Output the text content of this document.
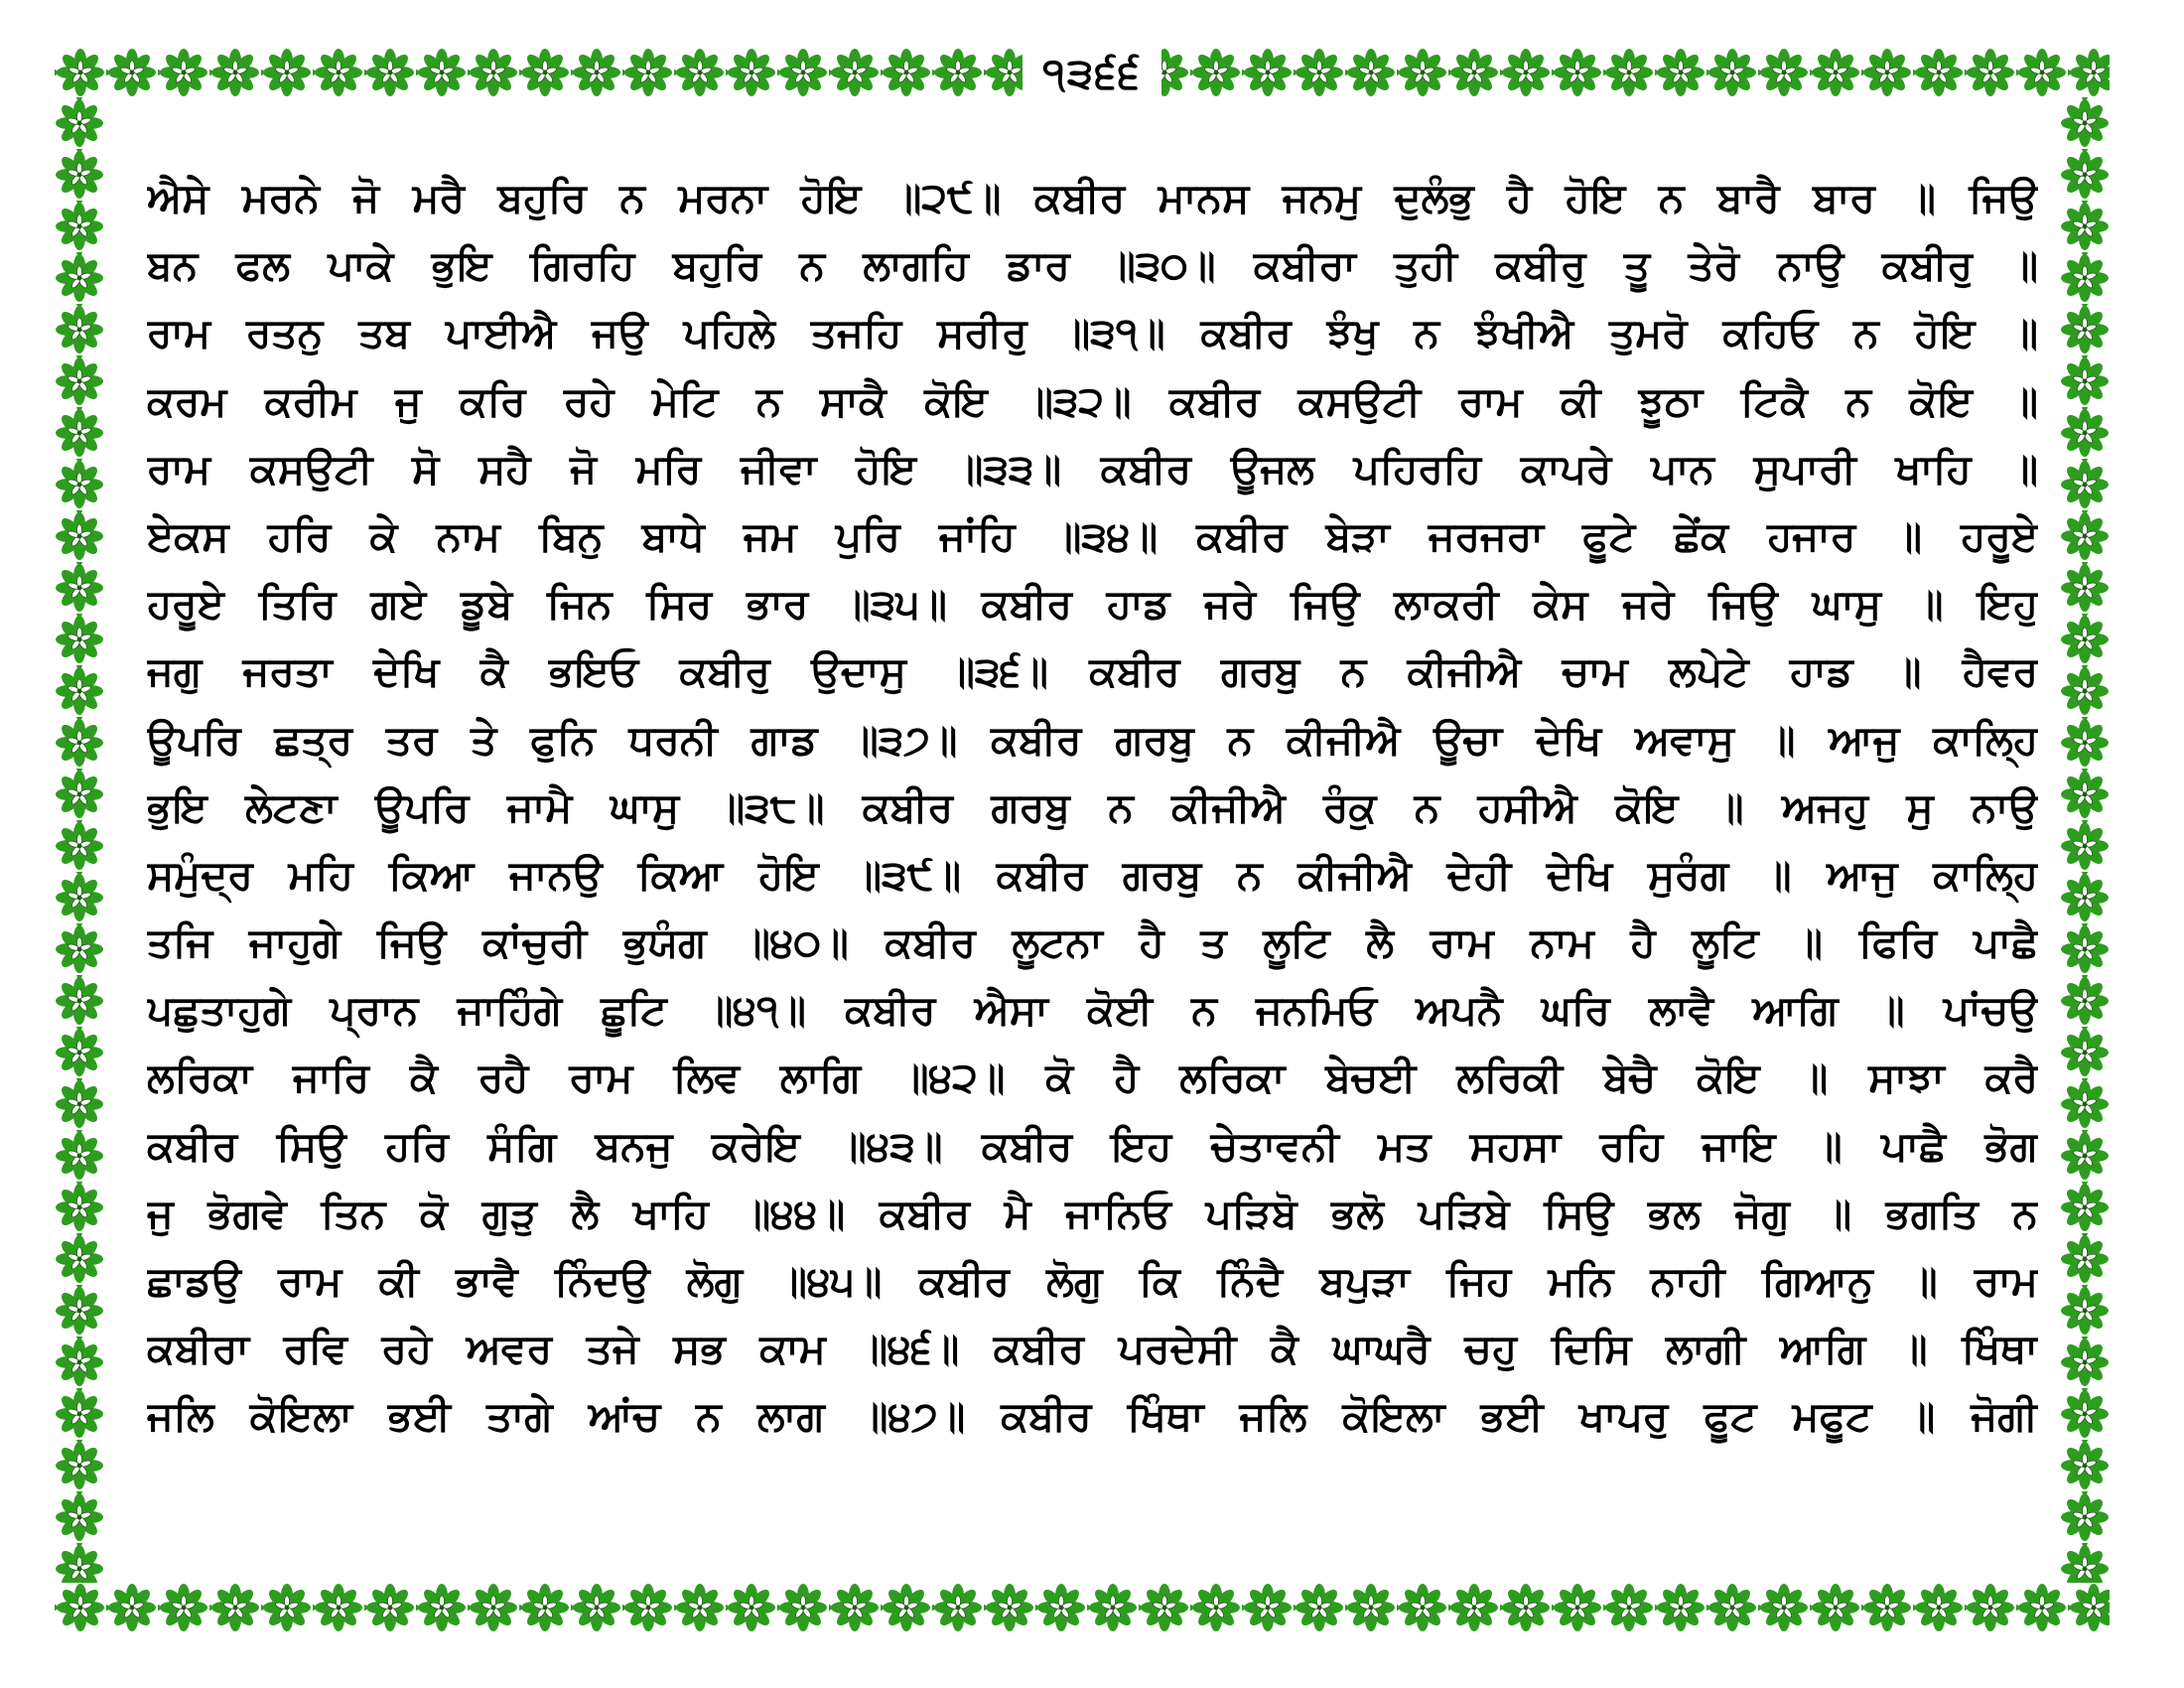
੧੩੬੬
ਐਸੇ ਮਰਨੇ ਜੋ ਮਰੈ ਬਹੁਰਿ ਨ ਮਰਨਾ ਹੋਇ ॥੨੯॥ ਕਬੀਰ ਮਾਨਸ ਜਨਮੁ ਦੁਲੰਭੁ ਹੈ ਹੋਇ ਨ ਬਾਰੈ ਬਾਰ ॥ ਜਿਉ
ਬਨ ਫਲ ਪਾਕੇ ਭੁਇ ਗਿਰਹਿ ਬਹੁਰਿ ਨ ਲਾਗਹਿ ਡਾਰ ॥੩੦॥ ਕਬੀਰਾ ਤੁਹੀ ਕਬੀਰੁ ਤੂ ਤੇਰੋ ਨਾਉ ਕਬੀਰੁ ॥
ਰਾਮ ਰਤਨੁ ਤਬ ਪਾਈਐ ਜਉ ਪਹਿਲੇ ਤਜਹਿ ਸਰੀਰੁ ॥੩੧॥ ਕਬੀਰ ਝੰਖੁ ਨ ਝੰਖੀਐ ਤੁਮਰੋ ਕਹਿਓ ਨ ਹੋਇ ॥
ਕਰਮ ਕਰੀਮ ਜੁ ਕਰਿ ਰਹੇ ਮੇਟਿ ਨ ਸਾਕੈ ਕੋਇ ॥੩੨॥ ਕਬੀਰ ਕਸਉਟੀ ਰਾਮ ਕੀ ਝੂਠਾ ਟਿਕੈ ਨ ਕੋਇ ॥
ਰਾਮ ਕਸਉਟੀ ਸੋ ਸਹੈ ਜੋ ਮਰਿ ਜੀਵਾ ਹੋਇ ॥੩੩॥ ਕਬੀਰ ਊਜਲ ਪਹਿਰਹਿ ਕਾਪਰੇ ਪਾਨ ਸੁਪਾਰੀ ਖਾਹਿ ॥
ਏਕਸ ਹਰਿ ਕੇ ਨਾਮ ਬਿਨੁ ਬਾਧੇ ਜਮ ਪੁਰਿ ਜਾਂਹਿ ॥੩੪॥ ਕਬੀਰ ਬੇੜਾ ਜਰਜਰਾ ਫੂਟੇ ਛੇਂਕ ਹਜਾਰ ॥ ਹਰੂਏ
ਹਰੂਏ ਤਿਰਿ ਗਏ ਡੂਬੇ ਜਿਨ ਸਿਰ ਭਾਰ ॥੩੫॥ ਕਬੀਰ ਹਾਡ ਜਰੇ ਜਿਉ ਲਾਕਰੀ ਕੇਸ ਜਰੇ ਜਿਉ ਘਾਸੁ ॥ ਇਹੁ
ਜਗੁ ਜਰਤਾ ਦੇਖਿ ਕੈ ਭਇਓ ਕਬੀਰੁ ਉਦਾਸੁ ॥੩੬॥ ਕਬੀਰ ਗਰਬੁ ਨ ਕੀਜੀਐ ਚਾਮ ਲਪੇਟੇ ਹਾਡ ॥ ਹੈਵਰ
ਊਪਰਿ ਛਤ੍ਰ ਤਰ ਤੇ ਫੁਨਿ ਧਰਨੀ ਗਾਡ ॥੩੭॥ ਕਬੀਰ ਗਰਬੁ ਨ ਕੀਜੀਐ ਊਚਾ ਦੇਖਿ ਅਵਾਸੁ ॥ ਆਜੁ ਕਾਲ੍ਹਿ
ਭੁਇ ਲੇਟਣਾ ਊਪਰਿ ਜਾਮੈ ਘਾਸੁ ॥੩੮॥ ਕਬੀਰ ਗਰਬੁ ਨ ਕੀਜੀਐ ਰੰਕੁ ਨ ਹਸੀਐ ਕੋਇ ॥ ਅਜਹੁ ਸੁ ਨਾਉ
ਸਮੁੰਦ੍ਰ ਮਹਿ ਕਿਆ ਜਾਨਉ ਕਿਆ ਹੋਇ ॥੩੯॥ ਕਬੀਰ ਗਰਬੁ ਨ ਕੀਜੀਐ ਦੇਹੀ ਦੇਖਿ ਸੁਰੰਗ ॥ ਆਜੁ ਕਾਲ੍ਹਿ
ਤਜਿ ਜਾਹੁਗੇ ਜਿਉ ਕਾਂਚੁਰੀ ਭੁਯੰਗ ॥੪੦॥ ਕਬੀਰ ਲੂਟਨਾ ਹੈ ਤ ਲੂਟਿ ਲੈ ਰਾਮ ਨਾਮ ਹੈ ਲੂਟਿ ॥ ਫਿਰਿ ਪਾਛੈ
ਪਛੁਤਾਹੁਗੇ ਪ੍ਰਾਨ ਜਾਹਿੰਗੇ ਛੂਟਿ ॥੪੧॥ ਕਬੀਰ ਐਸਾ ਕੋਈ ਨ ਜਨਮਿਓ ਅਪਨੈ ਘਰਿ ਲਾਵੈ ਆਗਿ ॥ ਪਾਂਚਉ
ਲਰਿਕਾ ਜਾਰਿ ਕੈ ਰਹੈ ਰਾਮ ਲਿਵ ਲਾਗਿ ॥੪੨॥ ਕੋ ਹੈ ਲਰਿਕਾ ਬੇਚਈ ਲਰਿਕੀ ਬੇਚੈ ਕੋਇ ॥ ਸਾਝਾ ਕਰੈ
ਕਬੀਰ ਸਿਉ ਹਰਿ ਸੰਗਿ ਬਨਜੁ ਕਰੇਇ ॥੪੩॥ ਕਬੀਰ ਇਹ ਚੇਤਾਵਨੀ ਮਤ ਸਹਸਾ ਰਹਿ ਜਾਇ ॥ ਪਾਛੈ ਭੋਗ
ਜੁ ਭੋਗਵੇ ਤਿਨ ਕੋ ਗੁੜੁ ਲੈ ਖਾਹਿ ॥੪੪॥ ਕਬੀਰ ਮੈ ਜਾਨਿਓ ਪੜਿਬੋ ਭਲੋ ਪੜਿਬੇ ਸਿਉ ਭਲ ਜੋਗੁ ॥ ਭਗਤਿ ਨ
ਛਾਡਉ ਰਾਮ ਕੀ ਭਾਵੈ ਨਿੰਦਉ ਲੋਗੁ ॥੪੫॥ ਕਬੀਰ ਲੋਗੁ ਕਿ ਨਿੰਦੈ ਬਪੁੜਾ ਜਿਹ ਮਨਿ ਨਾਹੀ ਗਿਆਨੁ ॥ ਰਾਮ
ਕਬੀਰਾ ਰਵਿ ਰਹੇ ਅਵਰ ਤਜੇ ਸਭ ਕਾਮ ॥੪੬॥ ਕਬੀਰ ਪਰਦੇਸੀ ਕੈ ਘਾਘਰੈ ਚਹੁ ਦਿਸਿ ਲਾਗੀ ਆਗਿ ॥ ਖਿੰਥਾ
ਜਲਿ ਕੋਇਲਾ ਭਈ ਤਾਗੇ ਆਂਚ ਨ ਲਾਗ ॥੪੭॥ ਕਬੀਰ ਖਿੰਥਾ ਜਲਿ ਕੋਇਲਾ ਭਈ ਖਾਪਰੁ ਫੂਟ ਮਫੂਟ ॥ ਜੋਗੀ
